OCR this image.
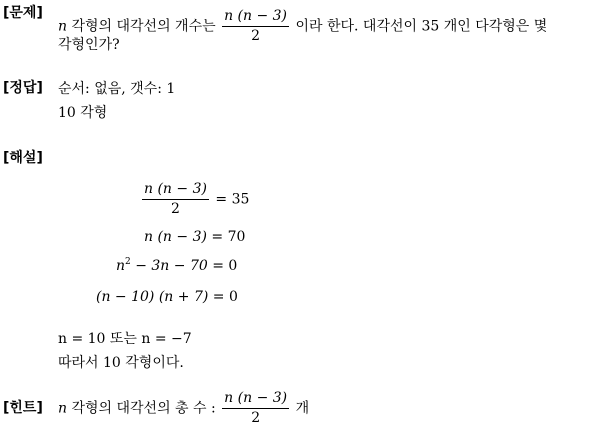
[문제]
n 각형의 대각선의 개수는 $\frac{n (n - 3)}{2}$ 이라 한다. 대각선이 35 개인 다각형은 몇
각형인가?
[정답] 순서: 없음, 갯수: 1
10 각형
[해설]
$\frac{n (n - 3)}{2} = 35$
n (n − 3) = 70
$n^2 - 3n - 70 = 0$
(n − 10) (n + 7) = 0
n = 10 또는 n = −7
따라서 10 각형이다.
[힌트] n 각형의 대각선의 총 수 : $\frac{n (n - 3)}{2}$ 개
